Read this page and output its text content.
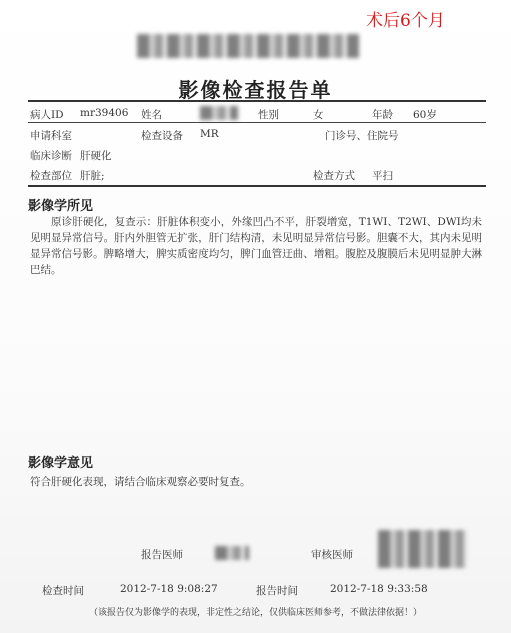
术后6个月
影像检查报告单
病人ID mr39406 姓名	性别	女	年龄 60岁
申请科室	检查设备 MR	门诊号、住院号
临床诊断 肝硬化
检查部位 肝脏;	检查方式 平扫
影像学所见
原诊肝硬化，复查示：肝脏体积变小，外缘凹凸不平，肝裂增宽，T1WI、T2WI、DWI均未见明显异常信号。肝内外胆管无扩张，肝门结构清，未见明显异常信号影。胆囊不大，其内未见明显异常信号影。脾略增大，脾实质密度均匀，脾门血管迂曲、增粗。腹腔及腹膜后未见明显肿大淋巴结。
影像学意见
符合肝硬化表现，请结合临床观察必要时复查。
报告医师	审核医师
检查时间	2012-7-18 9:08:27	报告时间	2012-7-18 9:33:58
（该报告仅为影像学的表现，非定性之结论，仅供临床医师参考，不做法律依据！）
